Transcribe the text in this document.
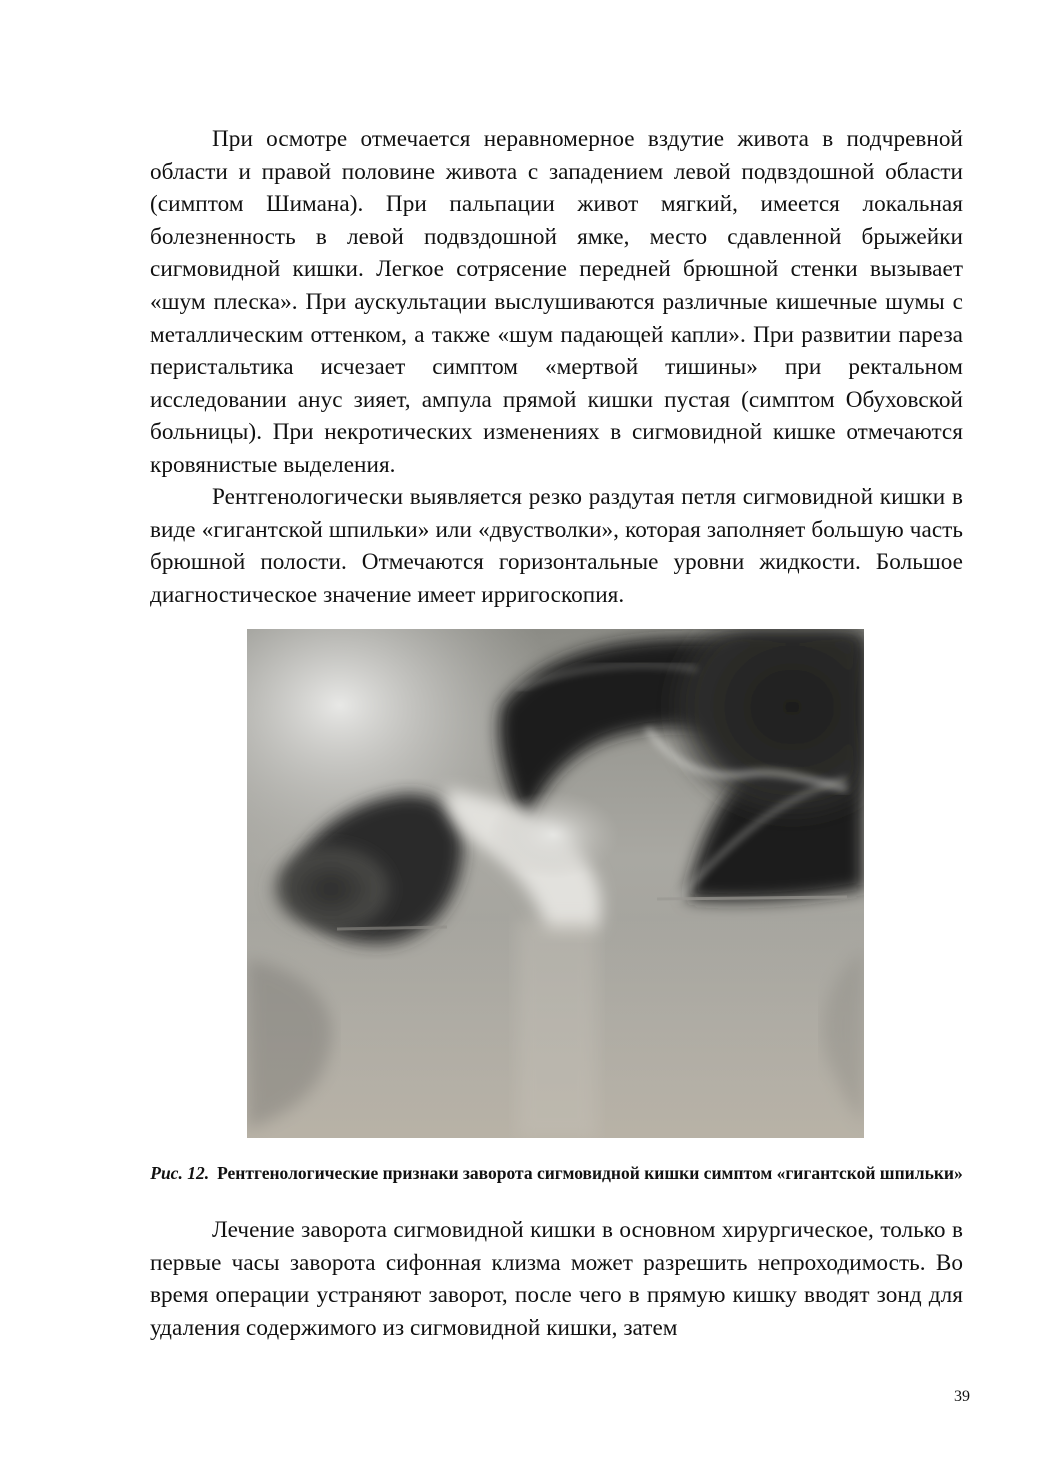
При осмотре отмечается неравномерное вздутие живота в подчревной области и правой половине живота с западением левой подвздошной области (симптом Шимана). При пальпации живот мягкий, имеется локальная болезненность в левой подвздошной ямке, место сдавленной брыжейки сигмовидной кишки. Легкое сотрясение передней брюшной стенки вызывает «шум плеска». При аускультации выслушиваются различные кишечные шумы с металлическим оттенком, а также «шум падающей капли». При развитии пареза перистальтика исчезает симптом «мертвой тишины» при ректальном исследовании анус зияет, ампула прямой кишки пустая (симптом Обуховской больницы). При некротических изменениях в сигмовидной кишке отмечаются кровянистые выделения.

Рентгенологически выявляется резко раздутая петля сигмовидной кишки в виде «гигантской шпильки» или «двустволки», которая заполняет большую часть брюшной полости. Отмечаются горизонтальные уровни жидкости. Большое диагностическое значение имеет ирригоскопия.

Рис. 12. Рентгенологические признаки заворота сигмовидной кишки симптом «гигантской шпильки»

Лечение заворота сигмовидной кишки в основном хирургическое, только в первые часы заворота сифонная клизма может разрешить непроходимость. Во время операции устраняют заворот, после чего в прямую кишку вводят зонд для удаления содержимого из сигмовидной кишки, затем

39
